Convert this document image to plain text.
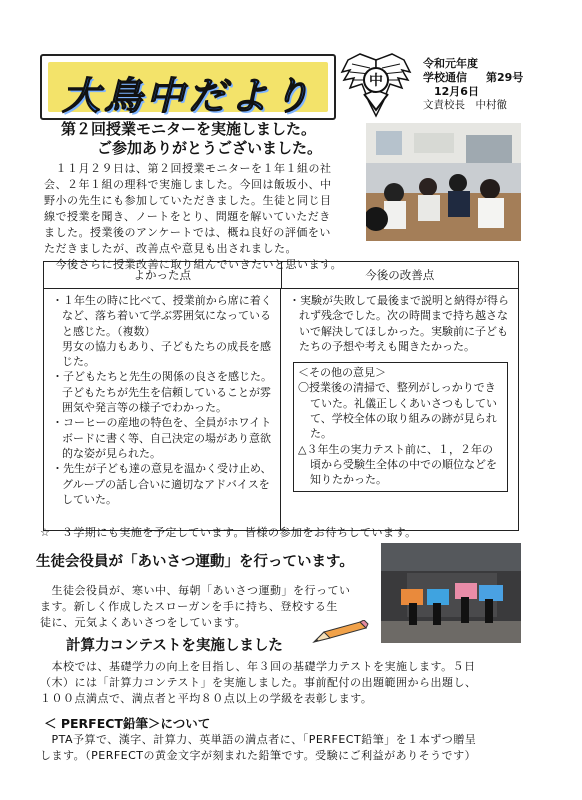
大鳥中だより	中
令和元年度
学校通信 第29号
12月6日
文責校長　中村徹
第２回授業モニターを実施しました。
ご参加ありがとうございました。
　１１月２９日は、第２回授業モニターを１年１組の社
会、２年１組の理科で実施しました。今回は飯坂小、中
野小の先生にも参加していただきました。生徒と同じ目
線で授業を聞き、ノートをとり、問題を解いていただき
ました。授業後のアンケートでは、概ね良好の評価をい
ただきましたが、改善点や意見も出されました。
　今後さらに授業改善に取り組んでいきたいと思います。
よかった点	今後の改善点
・１年生の時に比べて、授業前から席に着くなど、落ち着いて学ぶ雰囲気になっていると感じた。（複数）
男女の協力もあり、子どもたちの成長を感じた。
・子どもたちと先生の関係の良さを感じた。子どもたちが先生を信頼していることが雰囲気や発言等の様子でわかった。
・コーヒーの産地の特色を、全員がホワイトボードに書く等、自己決定の場があり意欲的な姿が見られた。
・先生が子ども達の意見を温かく受け止め、グループの話し合いに適切なアドバイスをしていた。
・実験が失敗して最後まで説明と納得が得られず残念でした。次の時間まで持ち越さないで解決してほしかった。実験前に子どもたちの予想や考えも聞きたかった。
＜その他の意見＞
〇授業後の清掃で、整列がしっかりできていた。礼儀正しくあいさつもしていて、学校全体の取り組みの跡が見られた。
△３年生の実力テスト前に、１，２年の頃から受験生全体の中での順位などを知りたかった。
☆　３学期にも実施を予定しています。皆様の参加をお待ちしています。
生徒会役員が「あいさつ運動」を行っています。
　生徒会役員が、寒い中、毎朝「あいさつ運動」を行ってい
ます。新しく作成したスローガンを手に持ち、登校する生
徒に、元気よくあいさつをしています。
計算力コンテストを実施しました
　本校では、基礎学力の向上を目指し、年３回の基礎学力テストを実施します。５日
（木）には「計算力コンテスト」を実施しました。事前配付の出題範囲から出題し、
１００点満点で、満点者と平均８０点以上の学級を表彰します。
＜ PERFECT鉛筆＞について
　PTA予算で、漢字、計算力、英単語の満点者に、「PERFECT鉛筆」を１本ずつ贈呈
します。（PERFECTの黄金文字が刻まれた鉛筆です。受験にご利益がありそうです）
